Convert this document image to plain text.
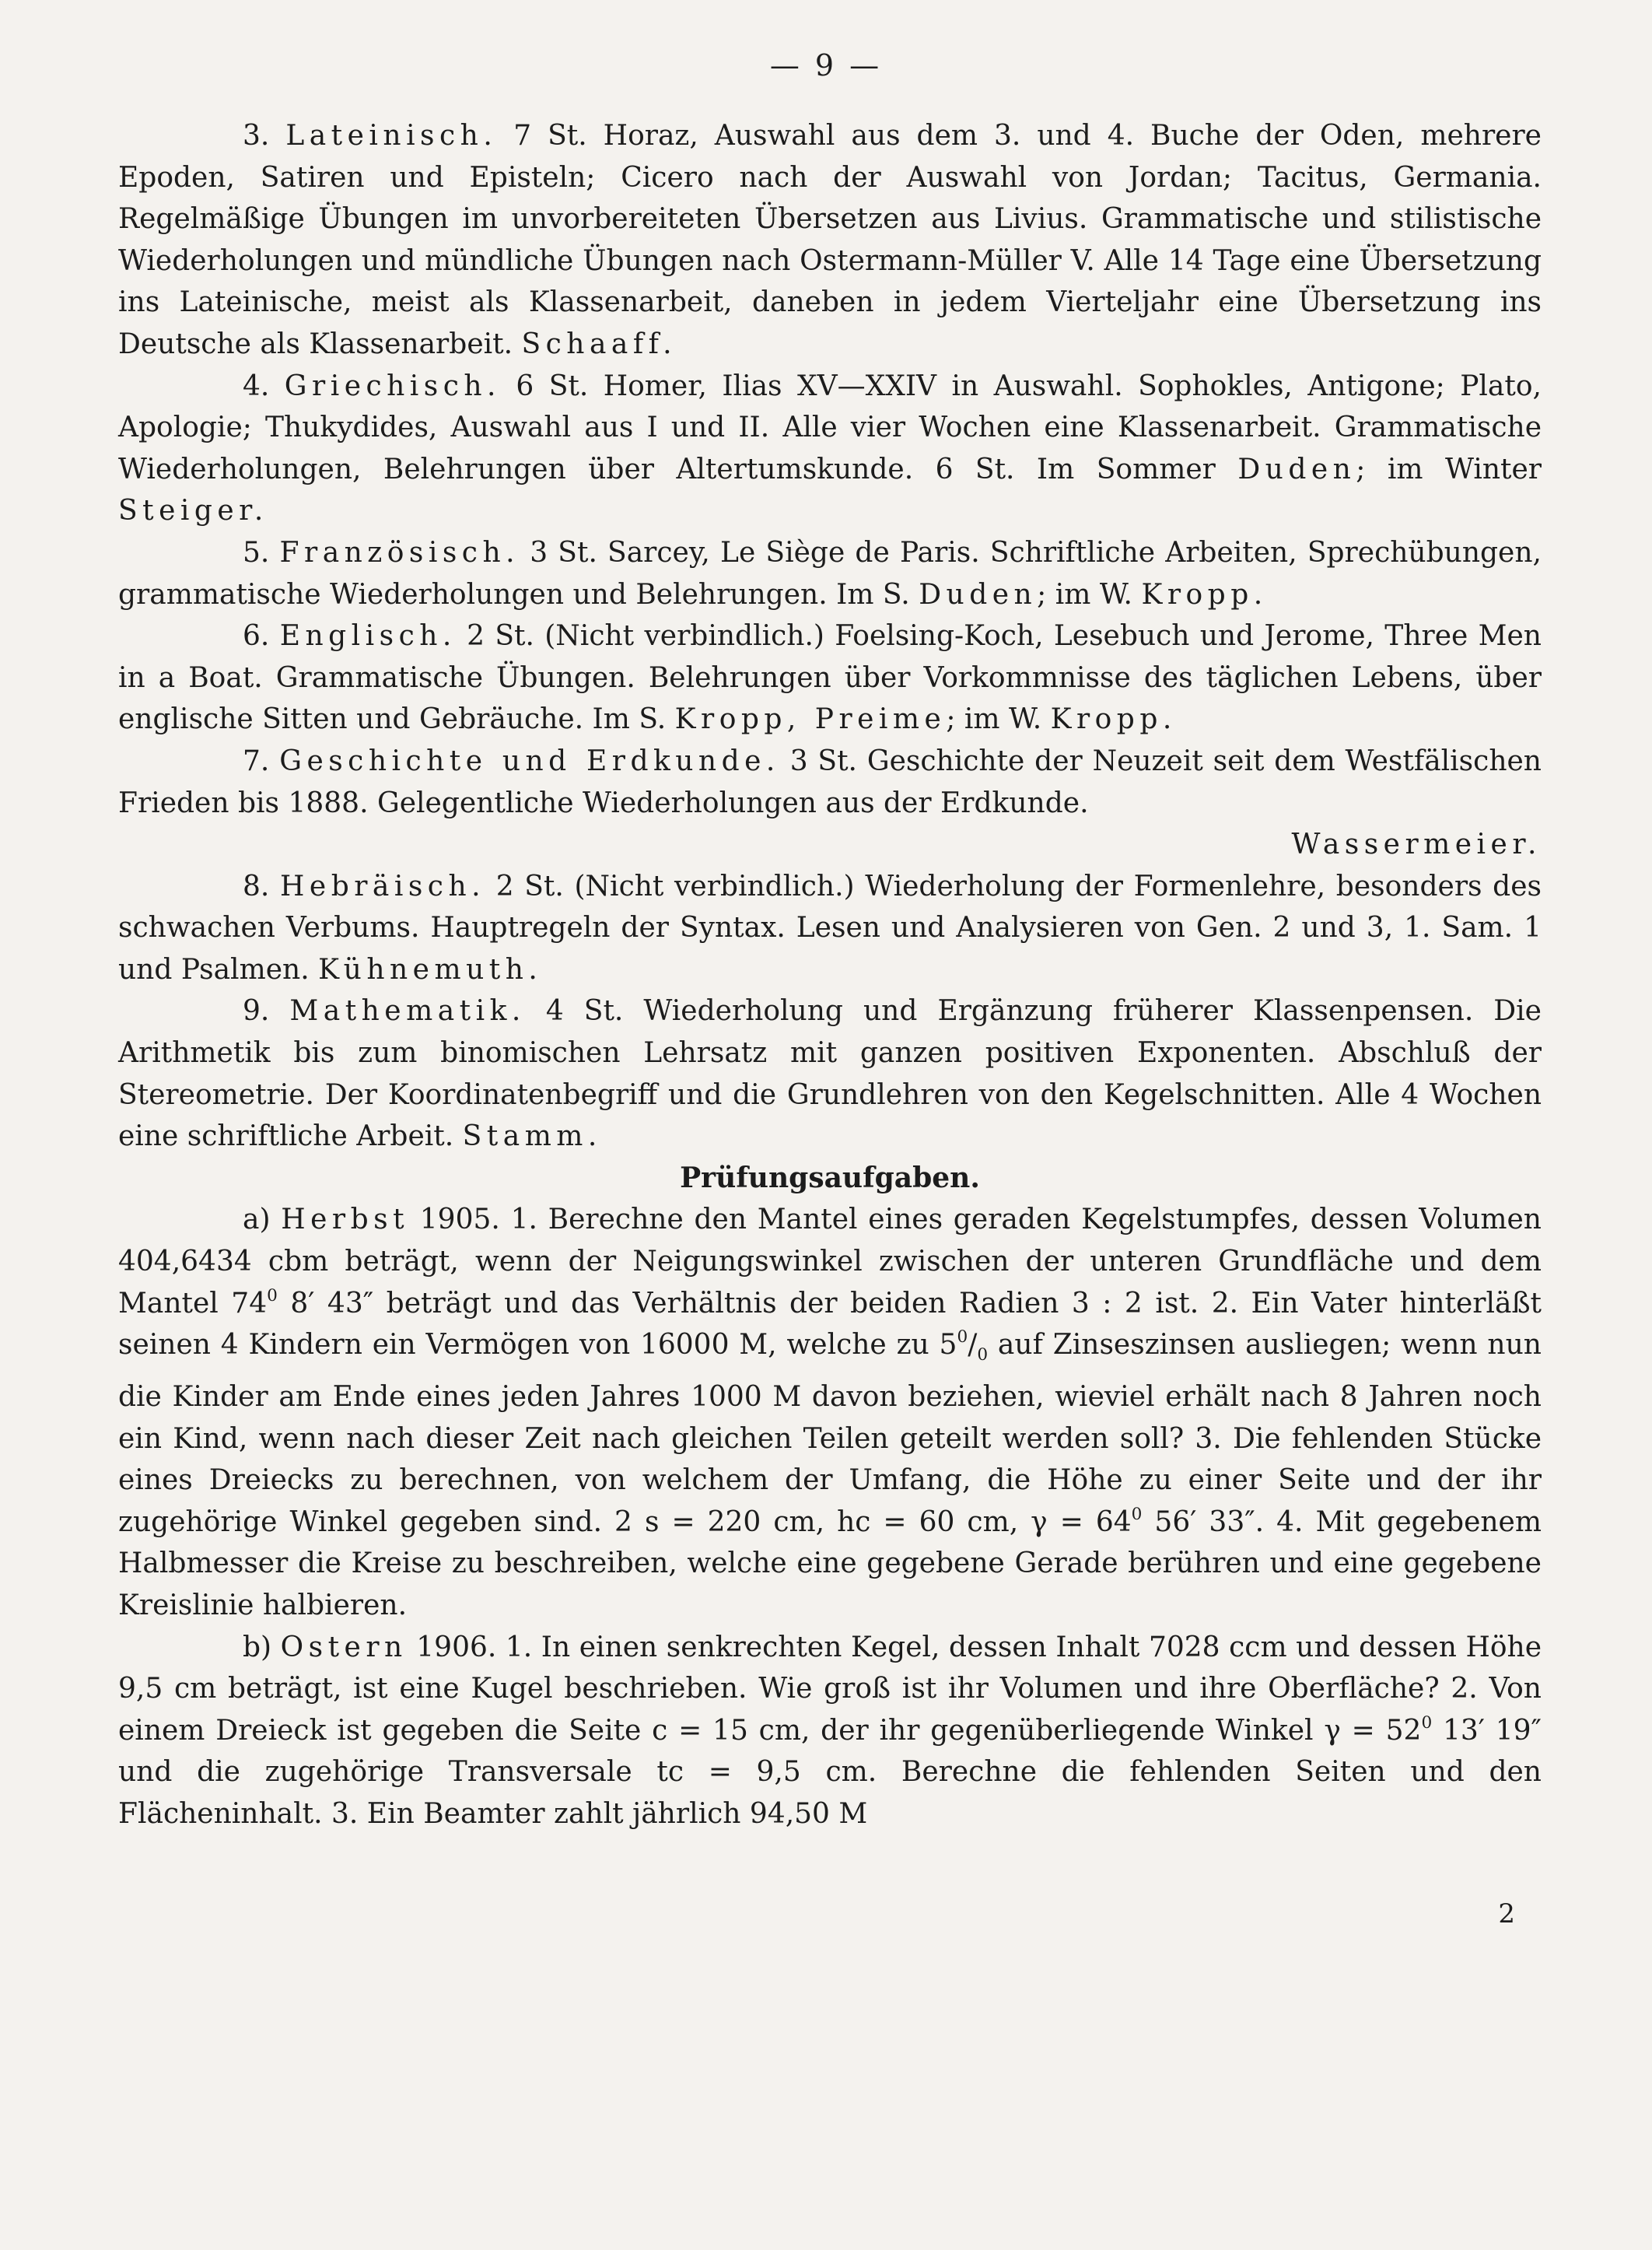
— 9 —

3. Lateinisch. 7 St. Horaz, Auswahl aus dem 3. und 4. Buche der Oden, mehrere Epoden, Satiren und Episteln; Cicero nach der Auswahl von Jordan; Tacitus, Germania. Regelmäßige Übungen im unvorbereiteten Übersetzen aus Livius. Grammatische und stilistische Wiederholungen und mündliche Übungen nach Ostermann-Müller V. Alle 14 Tage eine Übersetzung ins Lateinische, meist als Klassenarbeit, daneben in jedem Vierteljahr eine Übersetzung ins Deutsche als Klassenarbeit. Schaaff.

4. Griechisch. 6 St. Homer, Ilias XV—XXIV in Auswahl. Sophokles, Antigone; Plato, Apologie; Thukydides, Auswahl aus I und II. Alle vier Wochen eine Klassenarbeit. Grammatische Wiederholungen, Belehrungen über Altertumskunde. 6 St. Im Sommer Duden; im Winter Steiger.

5. Französisch. 3 St. Sarcey, Le Siège de Paris. Schriftliche Arbeiten, Sprechübungen, grammatische Wiederholungen und Belehrungen. Im S. Duden; im W. Kropp.

6. Englisch. 2 St. (Nicht verbindlich.) Foelsing-Koch, Lesebuch und Jerome, Three Men in a Boat. Grammatische Übungen. Belehrungen über Vorkommnisse des täglichen Lebens, über englische Sitten und Gebräuche. Im S. Kropp, Preime; im W. Kropp.

7. Geschichte und Erdkunde. 3 St. Geschichte der Neuzeit seit dem Westfälischen Frieden bis 1888. Gelegentliche Wiederholungen aus der Erdkunde.

Wassermeier.

8. Hebräisch. 2 St. (Nicht verbindlich.) Wiederholung der Formenlehre, besonders des schwachen Verbums. Hauptregeln der Syntax. Lesen und Analysieren von Gen. 2 und 3, 1. Sam. 1 und Psalmen. Kühnemuth.

9. Mathematik. 4 St. Wiederholung und Ergänzung früherer Klassenpensen. Die Arithmetik bis zum binomischen Lehrsatz mit ganzen positiven Exponenten. Abschluß der Stereometrie. Der Koordinatenbegriff und die Grundlehren von den Kegelschnitten. Alle 4 Wochen eine schriftliche Arbeit. Stamm.

Prüfungsaufgaben.

a) Herbst 1905. 1. Berechne den Mantel eines geraden Kegelstumpfes, dessen Volumen 404,6434 cbm beträgt, wenn der Neigungswinkel zwischen der unteren Grundfläche und dem Mantel $74^0$ 8′ 43″ beträgt und das Verhältnis der beiden Radien 3 : 2 ist. 2. Ein Vater hinterläßt seinen 4 Kindern ein Vermögen von 16000 M, welche zu $5^0/_0$ auf Zinseszinsen ausliegen; wenn nun die Kinder am Ende eines jeden Jahres 1000 M davon beziehen, wieviel erhält nach 8 Jahren noch ein Kind, wenn nach dieser Zeit nach gleichen Teilen geteilt werden soll? 3. Die fehlenden Stücke eines Dreiecks zu berechnen, von welchem der Umfang, die Höhe zu einer Seite und der ihr zugehörige Winkel gegeben sind. 2 s = 220 cm, hc = 60 cm, $\gamma = 64^0$ 56′ 33″. 4. Mit gegebenem Halbmesser die Kreise zu beschreiben, welche eine gegebene Gerade berühren und eine gegebene Kreislinie halbieren.

b) Ostern 1906. 1. In einen senkrechten Kegel, dessen Inhalt 7028 ccm und dessen Höhe 9,5 cm beträgt, ist eine Kugel beschrieben. Wie groß ist ihr Volumen und ihre Oberfläche? 2. Von einem Dreieck ist gegeben die Seite c = 15 cm, der ihr gegenüberliegende Winkel $\gamma = 52^0$ 13′ 19″ und die zugehörige Transversale tc = 9,5 cm. Berechne die fehlenden Seiten und den Flächeninhalt. 3. Ein Beamter zahlt jährlich 94,50 M

2
